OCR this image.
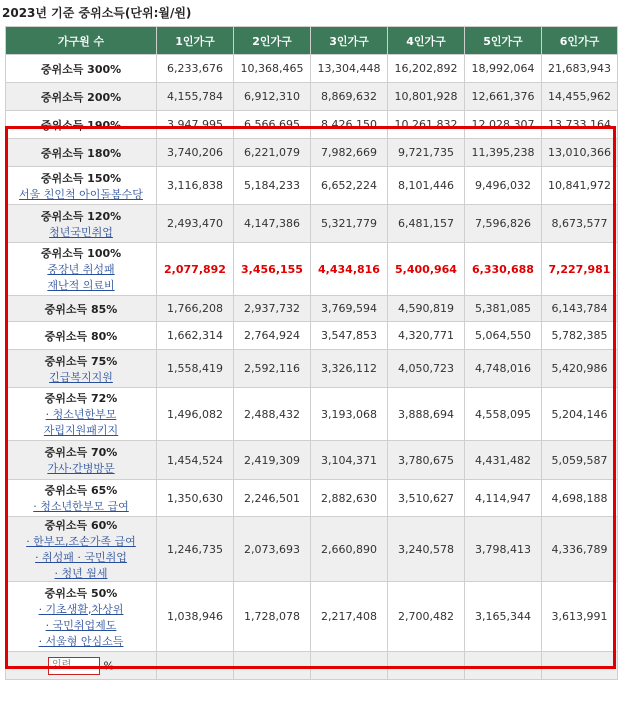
2023년 기준 중위소득(단위:월/원)
가구원 수	1인가구	2인가구	3인가구	4인가구	5인가구	6인가구

중위소득 300%	6,233,676	10,368,465	13,304,448	16,202,892	18,992,064	21,683,943

중위소득 200%	4,155,784	6,912,310	8,869,632	10,801,928	12,661,376	14,455,962

중위소득 190%	3,947,995	6,566,695	8,426,150	10,261,832	12,028,307	13,733,164

중위소득 180%	3,740,206	6,221,079	7,982,669	9,721,735	11,395,238	13,010,366

중위소득 150%
서울 친인척 아이돌봄수당	3,116,838	5,184,233	6,652,224	8,101,446	9,496,032	10,841,972

중위소득 120%
청년국민취업	2,493,470	4,147,386	5,321,779	6,481,157	7,596,826	8,673,577

중위소득 100%
중장년 취성패
재난적 의료비	2,077,892	3,456,155	4,434,816	5,400,964	6,330,688	7,227,981

중위소득 85%	1,766,208	2,937,732	3,769,594	4,590,819	5,381,085	6,143,784

중위소득 80%	1,662,314	2,764,924	3,547,853	4,320,771	5,064,550	5,782,385

중위소득 75%
긴급복지지원	1,558,419	2,592,116	3,326,112	4,050,723	4,748,016	5,420,986

중위소득 72%
· 청소년한부모
자립지원패키지	1,496,082	2,488,432	3,193,068	3,888,694	4,558,095	5,204,146

중위소득 70%
가사·간병방문	1,454,524	2,419,309	3,104,371	3,780,675	4,431,482	5,059,587

중위소득 65%
· 청소년한부모 급여	1,350,630	2,246,501	2,882,630	3,510,627	4,114,947	4,698,188

중위소득 60%
· 한부모,조손가족 급여
· 취성패 · 국민취업
· 청년 월세	1,246,735	2,073,693	2,660,890	3,240,578	3,798,413	4,336,789

중위소득 50%
· 기초생활,차상위
· 국민취업제도
· 서울형 안심소득	1,038,946	1,728,078	2,217,408	2,700,482	3,165,344	3,613,991
입력 %						
